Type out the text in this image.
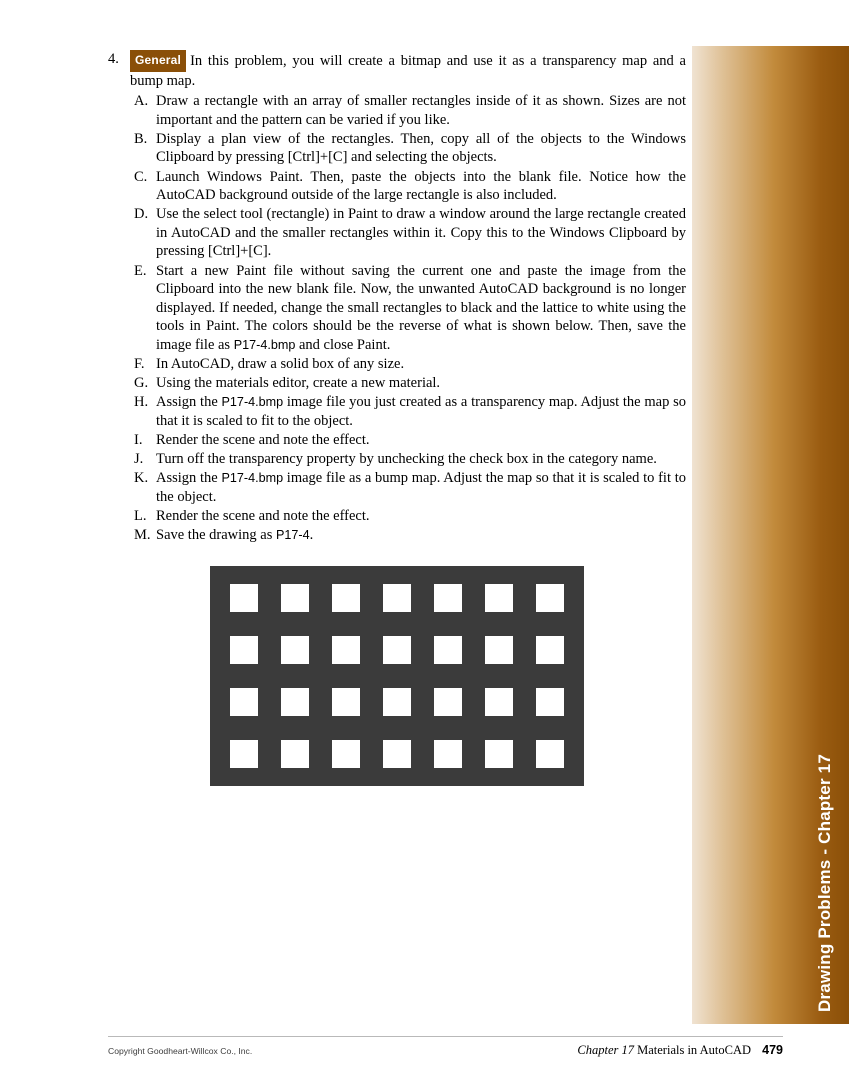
Drawing Problems - Chapter 17
4.	General In this problem, you will create a bitmap and use it as a transparency map and a bump map.
A. Draw a rectangle with an array of smaller rectangles inside of it as shown. Sizes are not important and the pattern can be varied if you like.
B. Display a plan view of the rectangles. Then, copy all of the objects to the Windows Clipboard by pressing [Ctrl]+[C] and selecting the objects.
C. Launch Windows Paint. Then, paste the objects into the blank file. Notice how the AutoCAD background outside of the large rectangle is also included.
D. Use the select tool (rectangle) in Paint to draw a window around the large rectangle created in AutoCAD and the smaller rectangles within it. Copy this to the Windows Clipboard by pressing [Ctrl]+[C].
E. Start a new Paint file without saving the current one and paste the image from the Clipboard into the new blank file. Now, the unwanted AutoCAD background is no longer displayed. If needed, change the small rectangles to black and the lattice to white using the tools in Paint. The colors should be the reverse of what is shown below. Then, save the image file as P17-4.bmp and close Paint.
F. In AutoCAD, draw a solid box of any size.
G. Using the materials editor, create a new material.
H. Assign the P17-4.bmp image file you just created as a transparency map. Adjust the map so that it is scaled to fit to the object.
I. Render the scene and note the effect.
J. Turn off the transparency property by unchecking the check box in the category name.
K. Assign the P17-4.bmp image file as a bump map. Adjust the map so that it is scaled to fit to the object.
L. Render the scene and note the effect.
M. Save the drawing as P17-4.
Copyright Goodheart-Willcox Co., Inc.	Chapter 17 Materials in AutoCAD 479
